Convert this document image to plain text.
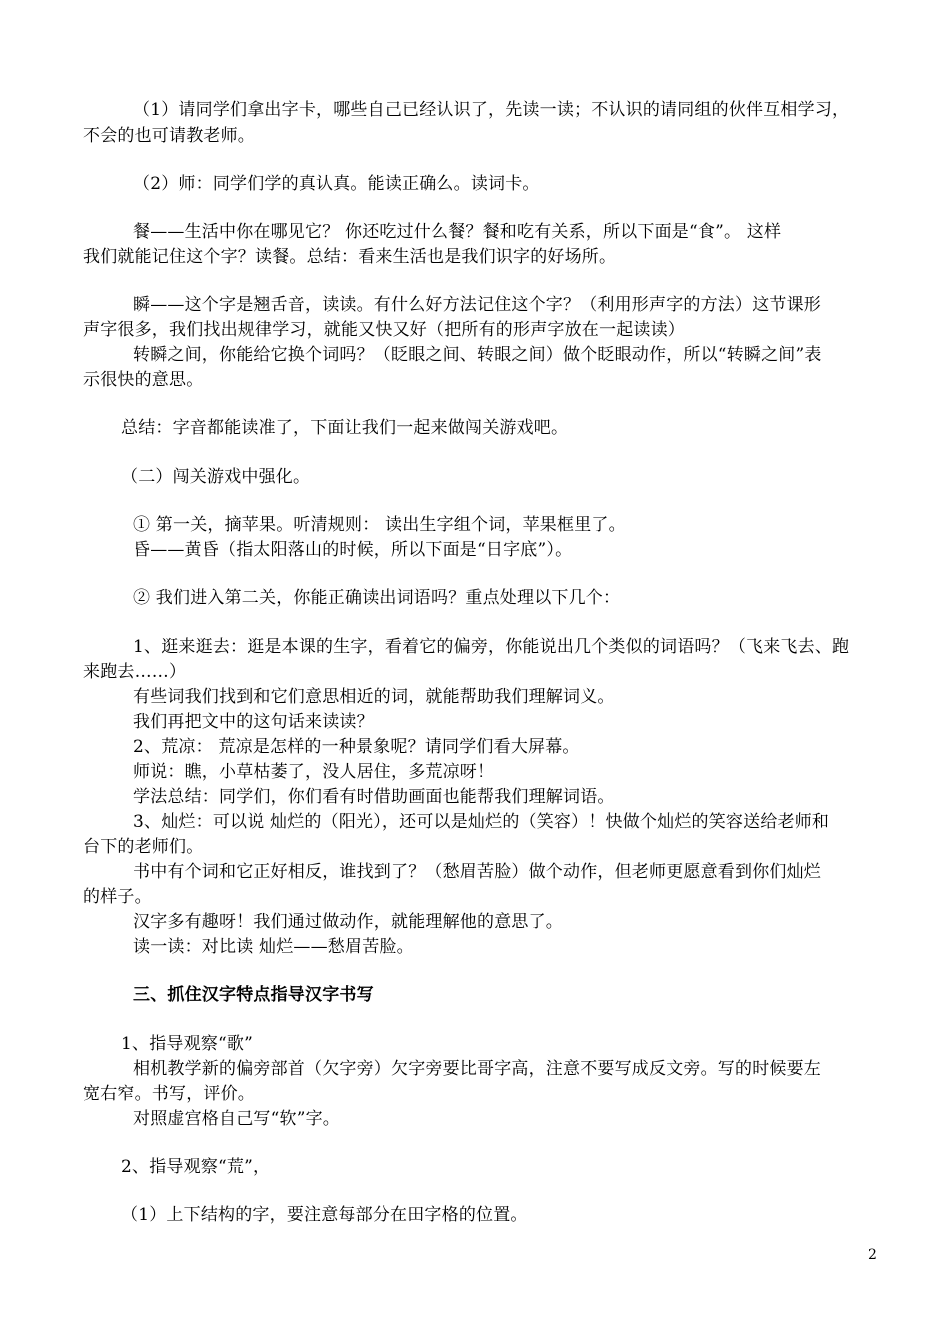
（1）请同学们拿出字卡，哪些自己已经认识了，先读一读；不认识的请同组的伙伴互相学习，
不会的也可请教老师。
（2）师：同学们学的真认真。能读正确么。读词卡。
餐——生活中你在哪见它？ 你还吃过什么餐？餐和吃有关系，所以下面是“食”。 这样
我们就能记住这个字？读餐。总结：看来生活也是我们识字的好场所。
瞬——这个字是翘舌音，读读。有什么好方法记住这个字？（利用形声字的方法）这节课形
声字很多，我们找出规律学习，就能又快又好（把所有的形声字放在一起读读）
转瞬之间，你能给它换个词吗？（眨眼之间、转眼之间）做个眨眼动作，所以“转瞬之间”表
示很快的意思。
总结：字音都能读准了，下面让我们一起来做闯关游戏吧。
（二）闯关游戏中强化。
① 第一关，摘苹果。听清规则： 读出生字组个词，苹果框里了。
昏——黄昏（指太阳落山的时候，所以下面是“日字底”）。
② 我们进入第二关，你能正确读出词语吗？重点处理以下几个：
1、逛来逛去：逛是本课的生字，看着它的偏旁，你能说出几个类似的词语吗？（飞来飞去、跑
来跑去……）
有些词我们找到和它们意思相近的词，就能帮助我们理解词义。
我们再把文中的这句话来读读？
2、荒凉： 荒凉是怎样的一种景象呢？请同学们看大屏幕。
师说：瞧，小草枯萎了，没人居住，多荒凉呀！
学法总结：同学们，你们看有时借助画面也能帮我们理解词语。
3、灿烂：可以说 灿烂的（阳光），还可以是灿烂的（笑容）！快做个灿烂的笑容送给老师和
台下的老师们。
书中有个词和它正好相反，谁找到了？（愁眉苦脸）做个动作，但老师更愿意看到你们灿烂
的样子。
汉字多有趣呀！我们通过做动作，就能理解他的意思了。
读一读：对比读 灿烂——愁眉苦脸。
三、抓住汉字特点指导汉字书写
1、指导观察“歌”
相机教学新的偏旁部首（欠字旁）欠字旁要比哥字高，注意不要写成反文旁。写的时候要左
宽右窄。书写，评价。
对照虚宫格自己写“软”字。
2、指导观察“荒”，
（1）上下结构的字，要注意每部分在田字格的位置。
2
